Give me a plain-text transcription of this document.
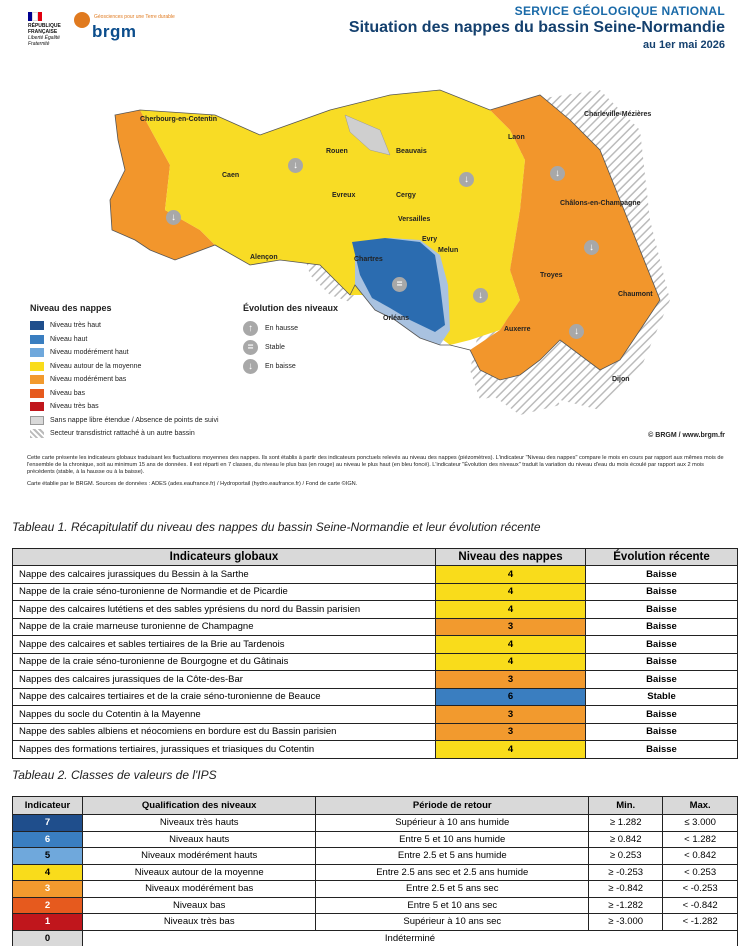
RÉPUBLIQUE FRANÇAISE
Liberté Égalité Fraternité
Géosciences pour une Terre durable
brgm
SERVICE GÉOLOGIQUE NATIONAL
Situation des nappes du bassin Seine-Normandie
au 1er mai 2026
Cherbourg-en-Cotentin
Caen
Rouen	Beauvais
Laon
Charleville-Mézières
Evreux	Cergy
Versailles
Evry
Melun
Châlons-en-Champagne
Alençon	Chartres
Troyes
Chaumont
Orléans
Auxerre
Dijon
↓
↓
↓
↓
↓
=
↓
↓
Niveau des nappes
Niveau très haut
Niveau haut
Niveau modérément haut
Niveau autour de la moyenne
Niveau modérément bas
Niveau bas
Niveau très bas
Sans nappe libre étendue / Absence de points de suivi
Secteur transdistrict rattaché à un autre bassin
Évolution des niveaux
↑	En hausse
=	Stable
↓	En baisse
© BRGM / www.brgm.fr

Cette carte présente les indicateurs globaux traduisant les fluctuations moyennes des nappes. Ils sont établis à partir des indicateurs ponctuels relevés au niveau des nappes (piézomètres). L'indicateur "Niveau des nappes" compare le mois en cours par rapport aux mêmes mois de l'ensemble de la chronique, soit au minimum 15 ans de données. Il est réparti en 7 classes, du niveau le plus bas (en rouge) au niveau le plus haut (en bleu foncé). L'indicateur "Évolution des niveaux" traduit la variation du niveau d'eau du mois écoulé par rapport aux 2 mois précédents (stable, à la hausse ou à la baisse).

Carte établie par le BRGM. Sources de données : ADES (ades.eaufrance.fr) / Hydroportail (hydro.eaufrance.fr) / Fond de carte ©IGN.

Tableau 1. Récapitulatif du niveau des nappes du bassin Seine-Normandie et leur évolution récente
Indicateurs globaux	Niveau des nappes	Évolution récente
Nappe des calcaires jurassiques du Bessin à la Sarthe	4	Baisse
Nappe de la craie séno-turonienne de Normandie et de Picardie	4	Baisse
Nappe des calcaires lutétiens et des sables yprésiens du nord du Bassin parisien	4	Baisse
Nappe de la craie marneuse turonienne de Champagne	3	Baisse
Nappe des calcaires et sables tertiaires de la Brie au Tardenois	4	Baisse
Nappe de la craie séno-turonienne de Bourgogne et du Gâtinais	4	Baisse
Nappes des calcaires jurassiques de la Côte-des-Bar	3	Baisse
Nappe des calcaires tertiaires et de la craie séno-turonienne de Beauce	6	Stable
Nappes du socle du Cotentin à la Mayenne	3	Baisse
Nappe des sables albiens et néocomiens en bordure est du Bassin parisien	3	Baisse
Nappes des formations tertiaires, jurassiques et triasiques du Cotentin	4	Baisse
Tableau 2. Classes de valeurs de l'IPS
Indicateur	Qualification des niveaux	Période de retour	Min.	Max.
7	Niveaux très hauts	Supérieur à 10 ans humide	≥ 1.282	≤ 3.000
6	Niveaux hauts	Entre 5 et 10 ans humide	≥ 0.842	< 1.282
5	Niveaux modérément hauts	Entre 2.5 et 5 ans humide	≥ 0.253	< 0.842
4	Niveaux autour de la moyenne	Entre 2.5 ans sec et 2.5 ans humide	≥ -0.253	< 0.253
3	Niveaux modérément bas	Entre 2.5 et 5 ans sec	≥ -0.842	< -0.253
2	Niveaux bas	Entre 5 et 10 ans sec	≥ -1.282	< -0.842
1	Niveaux très bas	Supérieur à 10 ans sec	≥ -3.000	< -1.282
0	Indéterminé			
